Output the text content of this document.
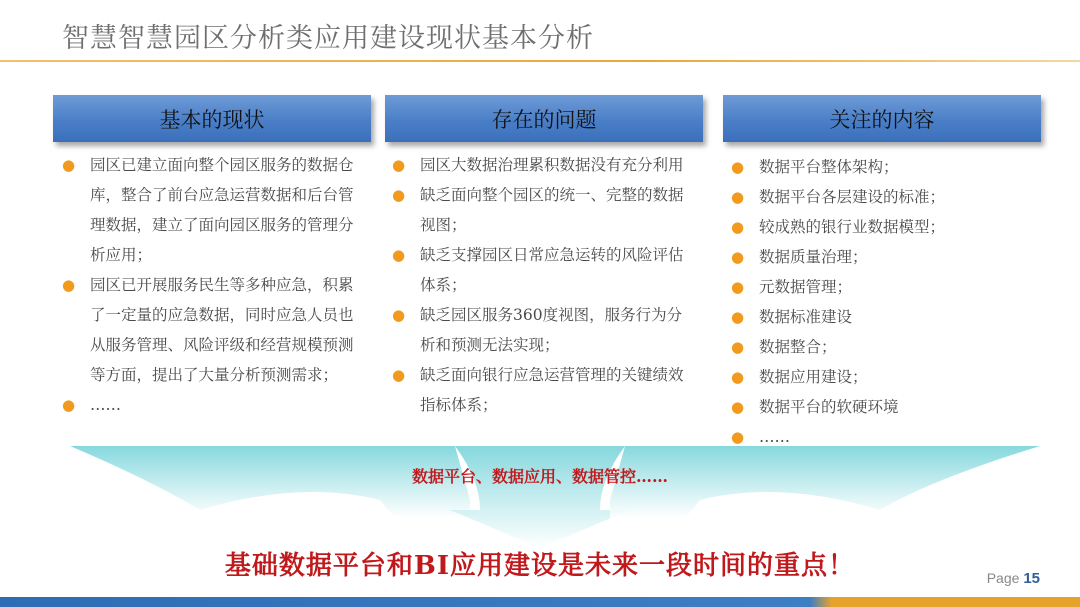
智慧智慧园区分析类应用建设现状基本分析
基本的现状	存在的问题	关注的内容
● 园区已建立面向整个园区服务的数据仓库，整合了前台应急运营数据和后台管理数据，建立了面向园区服务的管理分析应用；
● 园区已开展服务民生等多种应急，积累了一定量的应急数据，同时应急人员也从服务管理、风险评级和经营规模预测等方面，提出了大量分析预测需求；
● ……
● 园区大数据治理累积数据没有充分利用
● 缺乏面向整个园区的统一、完整的数据视图；
● 缺乏支撑园区日常应急运转的风险评估体系；
● 缺乏园区服务360度视图，服务行为分析和预测无法实现；
● 缺乏面向银行应急运营管理的关键绩效指标体系；
● 数据平台整体架构；
● 数据平台各层建设的标准；
● 较成熟的银行业数据模型；
● 数据质量治理；
● 元数据管理；
● 数据标准建设
● 数据整合；
● 数据应用建设；
● 数据平台的软硬环境
● ……
数据平台、数据应用、数据管控……
基础数据平台和BI应用建设是未来一段时间的重点！	Page 15
